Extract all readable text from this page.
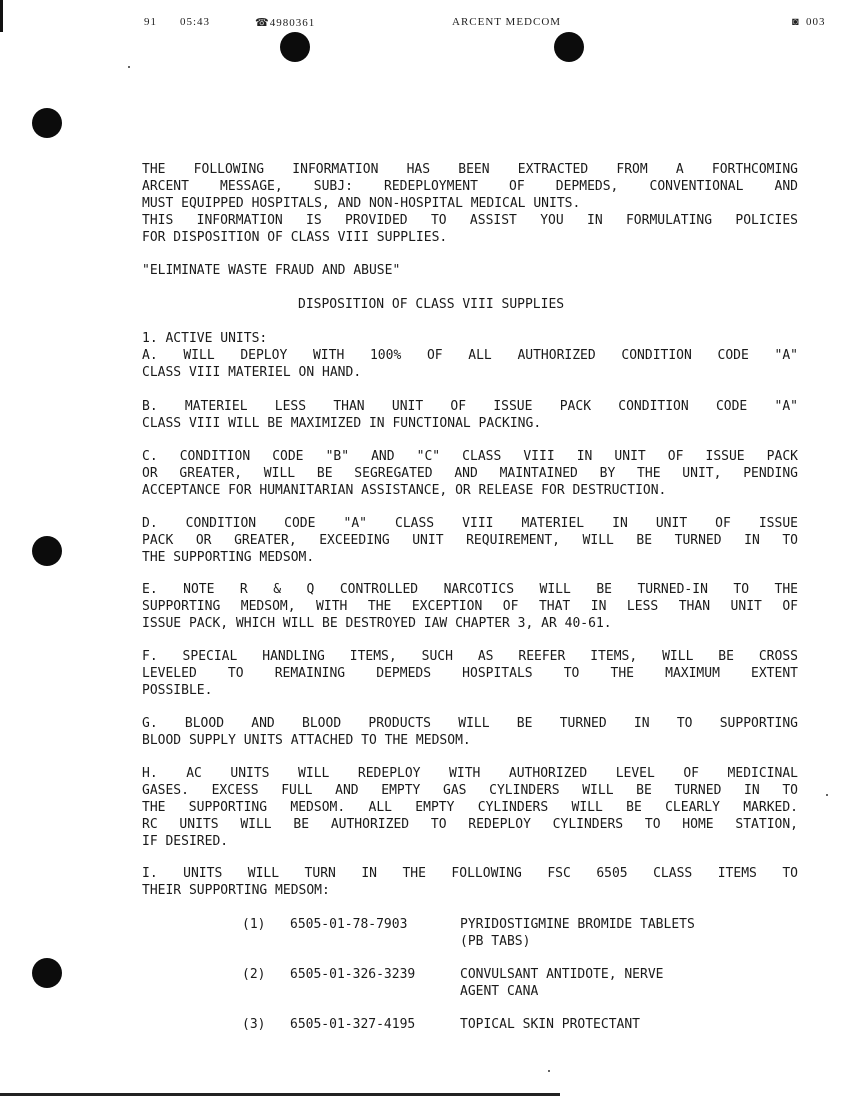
91 05:43	☎4980361	ARCENT MEDCOM	◙ 003
THE FOLLOWING INFORMATION HAS BEEN EXTRACTED FROM A FORTHCOMING
ARCENT MESSAGE, SUBJ: REDEPLOYMENT OF DEPMEDS, CONVENTIONAL AND
MUST EQUIPPED HOSPITALS, AND NON-HOSPITAL MEDICAL UNITS.
THIS INFORMATION IS PROVIDED TO ASSIST YOU IN FORMULATING POLICIES
FOR DISPOSITION OF CLASS VIII SUPPLIES.
"ELIMINATE WASTE FRAUD AND ABUSE"
DISPOSITION OF CLASS VIII SUPPLIES
1. ACTIVE UNITS:
A. WILL DEPLOY WITH 100% OF ALL AUTHORIZED CONDITION CODE "A"
CLASS VIII MATERIEL ON HAND.
B. MATERIEL LESS THAN UNIT OF ISSUE PACK CONDITION CODE "A"
CLASS VIII WILL BE MAXIMIZED IN FUNCTIONAL PACKING.
C. CONDITION CODE "B" AND "C" CLASS VIII IN UNIT OF ISSUE PACK
OR GREATER, WILL BE SEGREGATED AND MAINTAINED BY THE UNIT, PENDING
ACCEPTANCE FOR HUMANITARIAN ASSISTANCE, OR RELEASE FOR DESTRUCTION.
D. CONDITION CODE "A" CLASS VIII MATERIEL IN UNIT OF ISSUE
PACK OR GREATER, EXCEEDING UNIT REQUIREMENT, WILL BE TURNED IN TO
THE SUPPORTING MEDSOM.
E. NOTE R & Q CONTROLLED NARCOTICS WILL BE TURNED-IN TO THE
SUPPORTING MEDSOM, WITH THE EXCEPTION OF THAT IN LESS THAN UNIT OF
ISSUE PACK, WHICH WILL BE DESTROYED IAW CHAPTER 3, AR 40-61.
F. SPECIAL HANDLING ITEMS, SUCH AS REEFER ITEMS, WILL BE CROSS
LEVELED TO REMAINING DEPMEDS HOSPITALS TO THE MAXIMUM EXTENT
POSSIBLE.
G. BLOOD AND BLOOD PRODUCTS WILL BE TURNED IN TO SUPPORTING
BLOOD SUPPLY UNITS ATTACHED TO THE MEDSOM.
H. AC UNITS WILL REDEPLOY WITH AUTHORIZED LEVEL OF MEDICINAL
GASES. EXCESS FULL AND EMPTY GAS CYLINDERS WILL BE TURNED IN TO
THE SUPPORTING MEDSOM. ALL EMPTY CYLINDERS WILL BE CLEARLY MARKED.
RC UNITS WILL BE AUTHORIZED TO REDEPLOY CYLINDERS TO HOME STATION,
IF DESIRED.
I. UNITS WILL TURN IN THE FOLLOWING FSC 6505 CLASS ITEMS TO
THEIR SUPPORTING MEDSOM:
(1) 6505-01-78-7903	PYRIDOSTIGMINE BROMIDE TABLETS
(PB TABS)
(2) 6505-01-326-3239	CONVULSANT ANTIDOTE, NERVE
AGENT CANA
(3) 6505-01-327-4195	TOPICAL SKIN PROTECTANT
